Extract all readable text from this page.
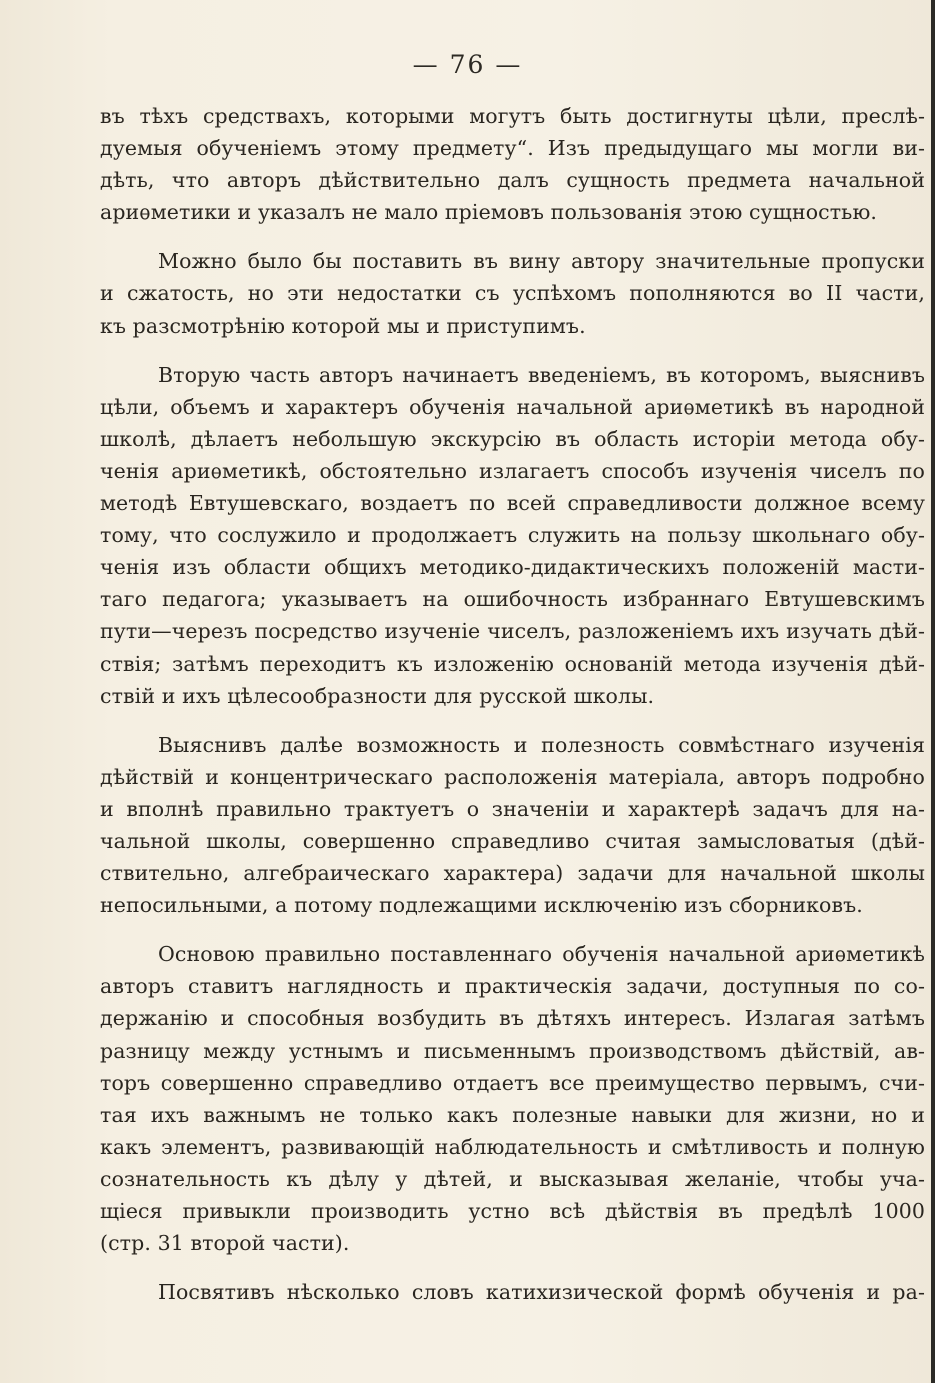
— 76 —
въ тѣхъ средствахъ, которыми могутъ быть достигнуты цѣли, преслѣ-
дуемыя обученіемъ этому предмету“. Изъ предыдущаго мы могли ви-
дѣть, что авторъ дѣйствительно далъ сущность предмета начальной
ариѳметики и указалъ не мало пріемовъ пользованія этою сущностью.
Можно было бы поставить въ вину автору значительные пропуски
и сжатость, но эти недостатки съ успѣхомъ пополняются во II части,
къ разсмотрѣнію которой мы и приступимъ.
Вторую часть авторъ начинаетъ введеніемъ, въ которомъ, выяснивъ
цѣли, объемъ и характеръ обученія начальной ариѳметикѣ въ народной
школѣ, дѣлаетъ небольшую экскурсію въ область исторіи метода обу-
ченія ариѳметикѣ, обстоятельно излагаетъ способъ изученія чиселъ по
методѣ Евтушевскаго, воздаетъ по всей справедливости должное всему
тому, что сослужило и продолжаетъ служить на пользу школьнаго обу-
ченія изъ области общихъ методико-дидактическихъ положеній масти-
таго педагога; указываетъ на ошибочность избраннаго Евтушевскимъ
пути—черезъ посредство изученіе чиселъ, разложеніемъ ихъ изучать дѣй-
ствія; затѣмъ переходитъ къ изложенію основаній метода изученія дѣй-
ствій и ихъ цѣлесообразности для русской школы.
Выяснивъ далѣе возможность и полезность совмѣстнаго изученія
дѣйствій и концентрическаго расположенія матеріала, авторъ подробно
и вполнѣ правильно трактуетъ о значеніи и характерѣ задачъ для на-
чальной школы, совершенно справедливо считая замысловатыя (дѣй-
ствительно, алгебраическаго характера) задачи для начальной школы
непосильными, а потому подлежащими исключенію изъ сборниковъ.
Основою правильно поставленнаго обученія начальной ариѳметикѣ
авторъ ставитъ наглядность и практическія задачи, доступныя по со-
держанію и способныя возбудить въ дѣтяхъ интересъ. Излагая затѣмъ
разницу между устнымъ и письменнымъ производствомъ дѣйствій, ав-
торъ совершенно справедливо отдаетъ все преимущество первымъ, счи-
тая ихъ важнымъ не только какъ полезные навыки для жизни, но и
какъ элементъ, развивающій наблюдательность и смѣтливость и полную
сознательность къ дѣлу у дѣтей, и высказывая желаніе, чтобы уча-
щіеся привыкли производить устно всѣ дѣйствія въ предѣлѣ 1000
(стр. 31 второй части).
Посвятивъ нѣсколько словъ катихизической формѣ обученія и ра-
